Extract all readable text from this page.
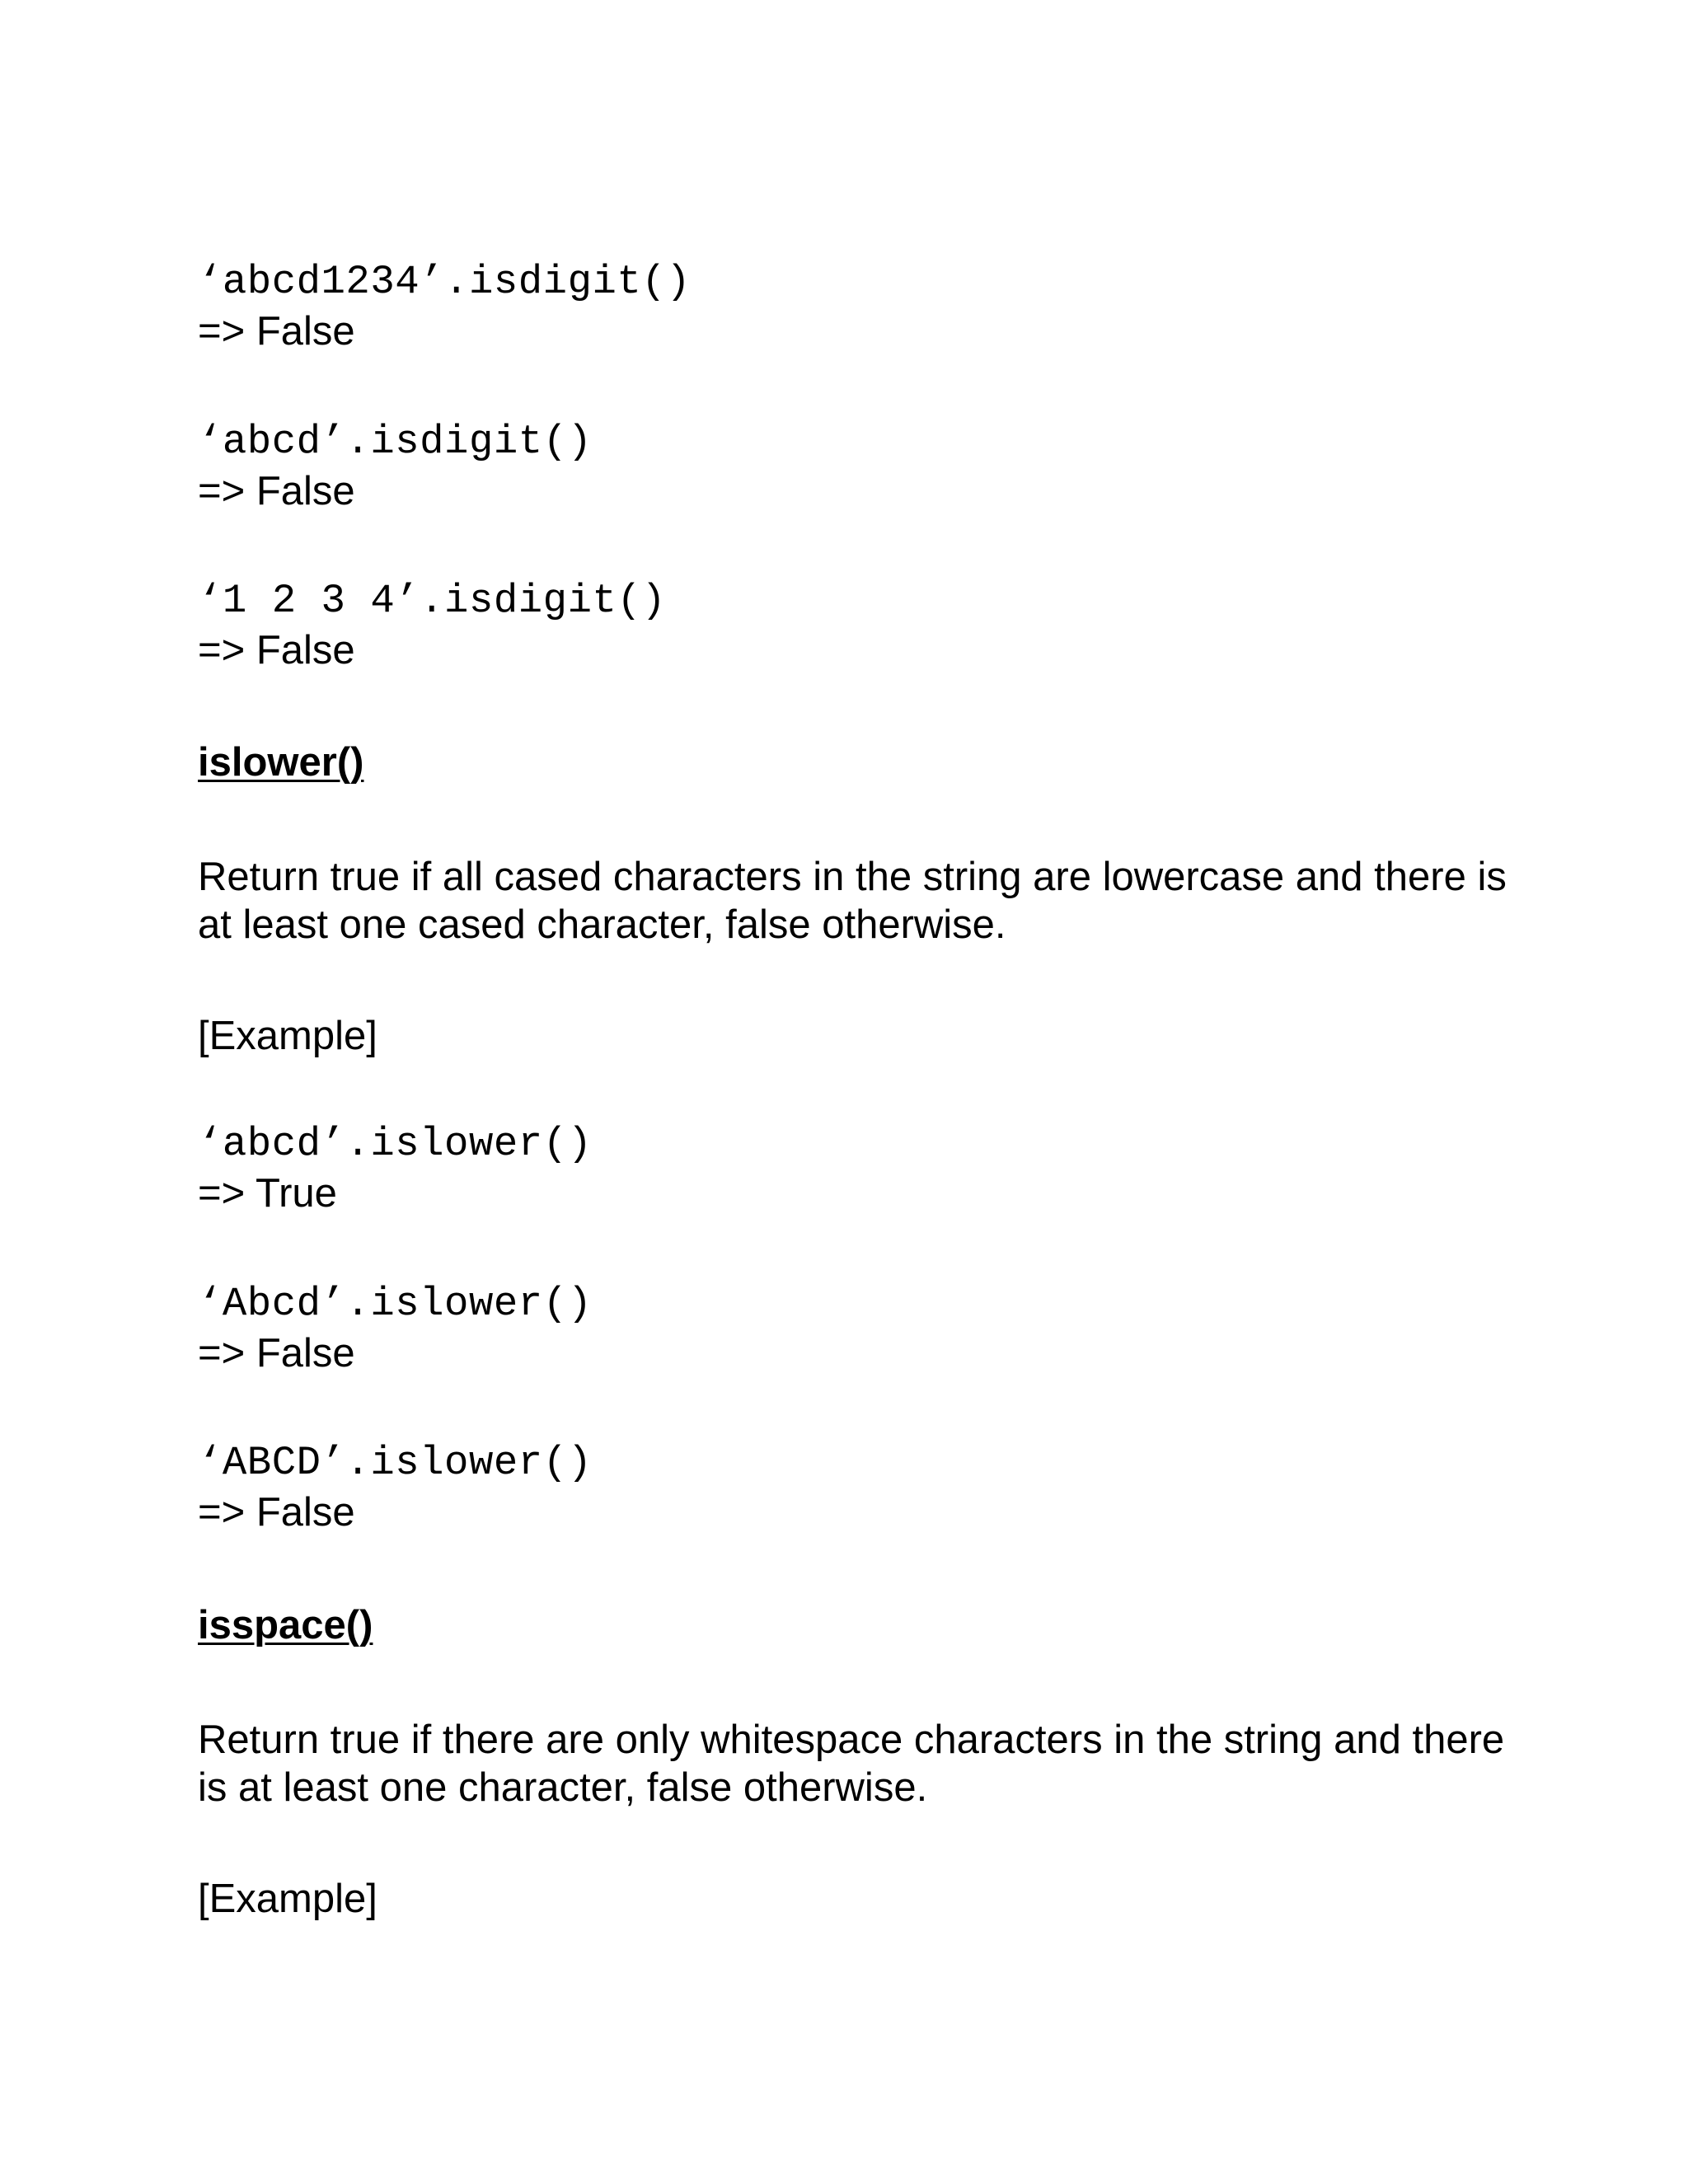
‘abcd1234’.isdigit()
=> False
‘abcd’.isdigit()
=> False
‘1 2 3 4’.isdigit()
=> False
islower()
Return true if all cased characters in the string are lowercase and there is at least one cased character, false otherwise.
[Example]
‘abcd’.islower()
=> True
‘Abcd’.islower()
=> False
‘ABCD’.islower()
=> False
isspace()
Return true if there are only whitespace characters in the string and there is at least one character, false otherwise.
[Example]
